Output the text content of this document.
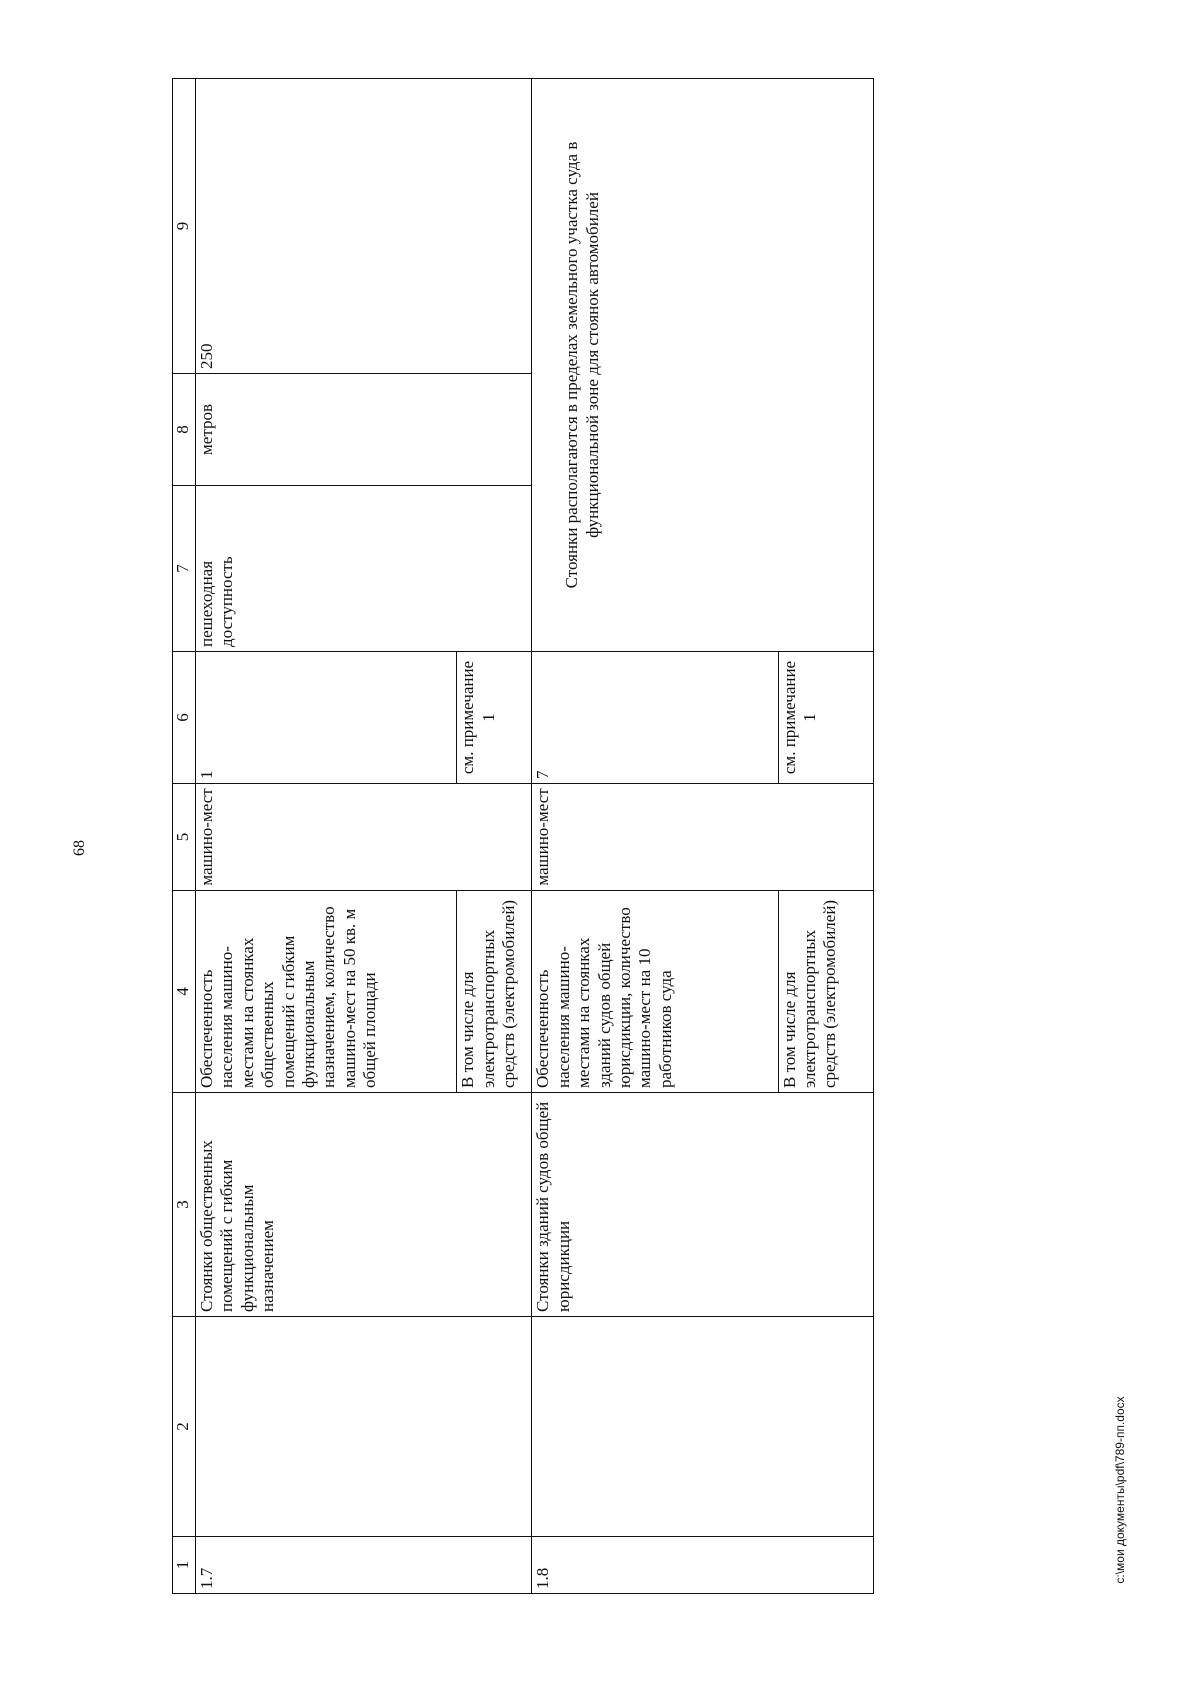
68
1	2	3	4	5	6	7	8	9
1.7		Стоянки общественных помещений с гибким функциональным назначением	Обеспеченность населения машино-местами на стоянках общественных помещений с гибким функциональным назначением, количество машино-мест на 50 кв. м общей площади	машино-мест	1	пешеходная доступность	метров	250
			В том числе для электротранспортных средств (электромобилей)		см. примечание 1			
1.8		Стоянки зданий судов общей юрисдикции	Обеспеченность населения машино-местами на стоянках зданий судов общей юрисдикции, количество машино-мест на 10 работников суда	машино-мест	7	Стоянки располагаются в пределах земельного участка суда в функциональной зоне для стоянок автомобилей		
			В том числе для электротранспортных средств (электромобилей)		см. примечание 1			
c:\мои документы\pdf\789-пп.docx
